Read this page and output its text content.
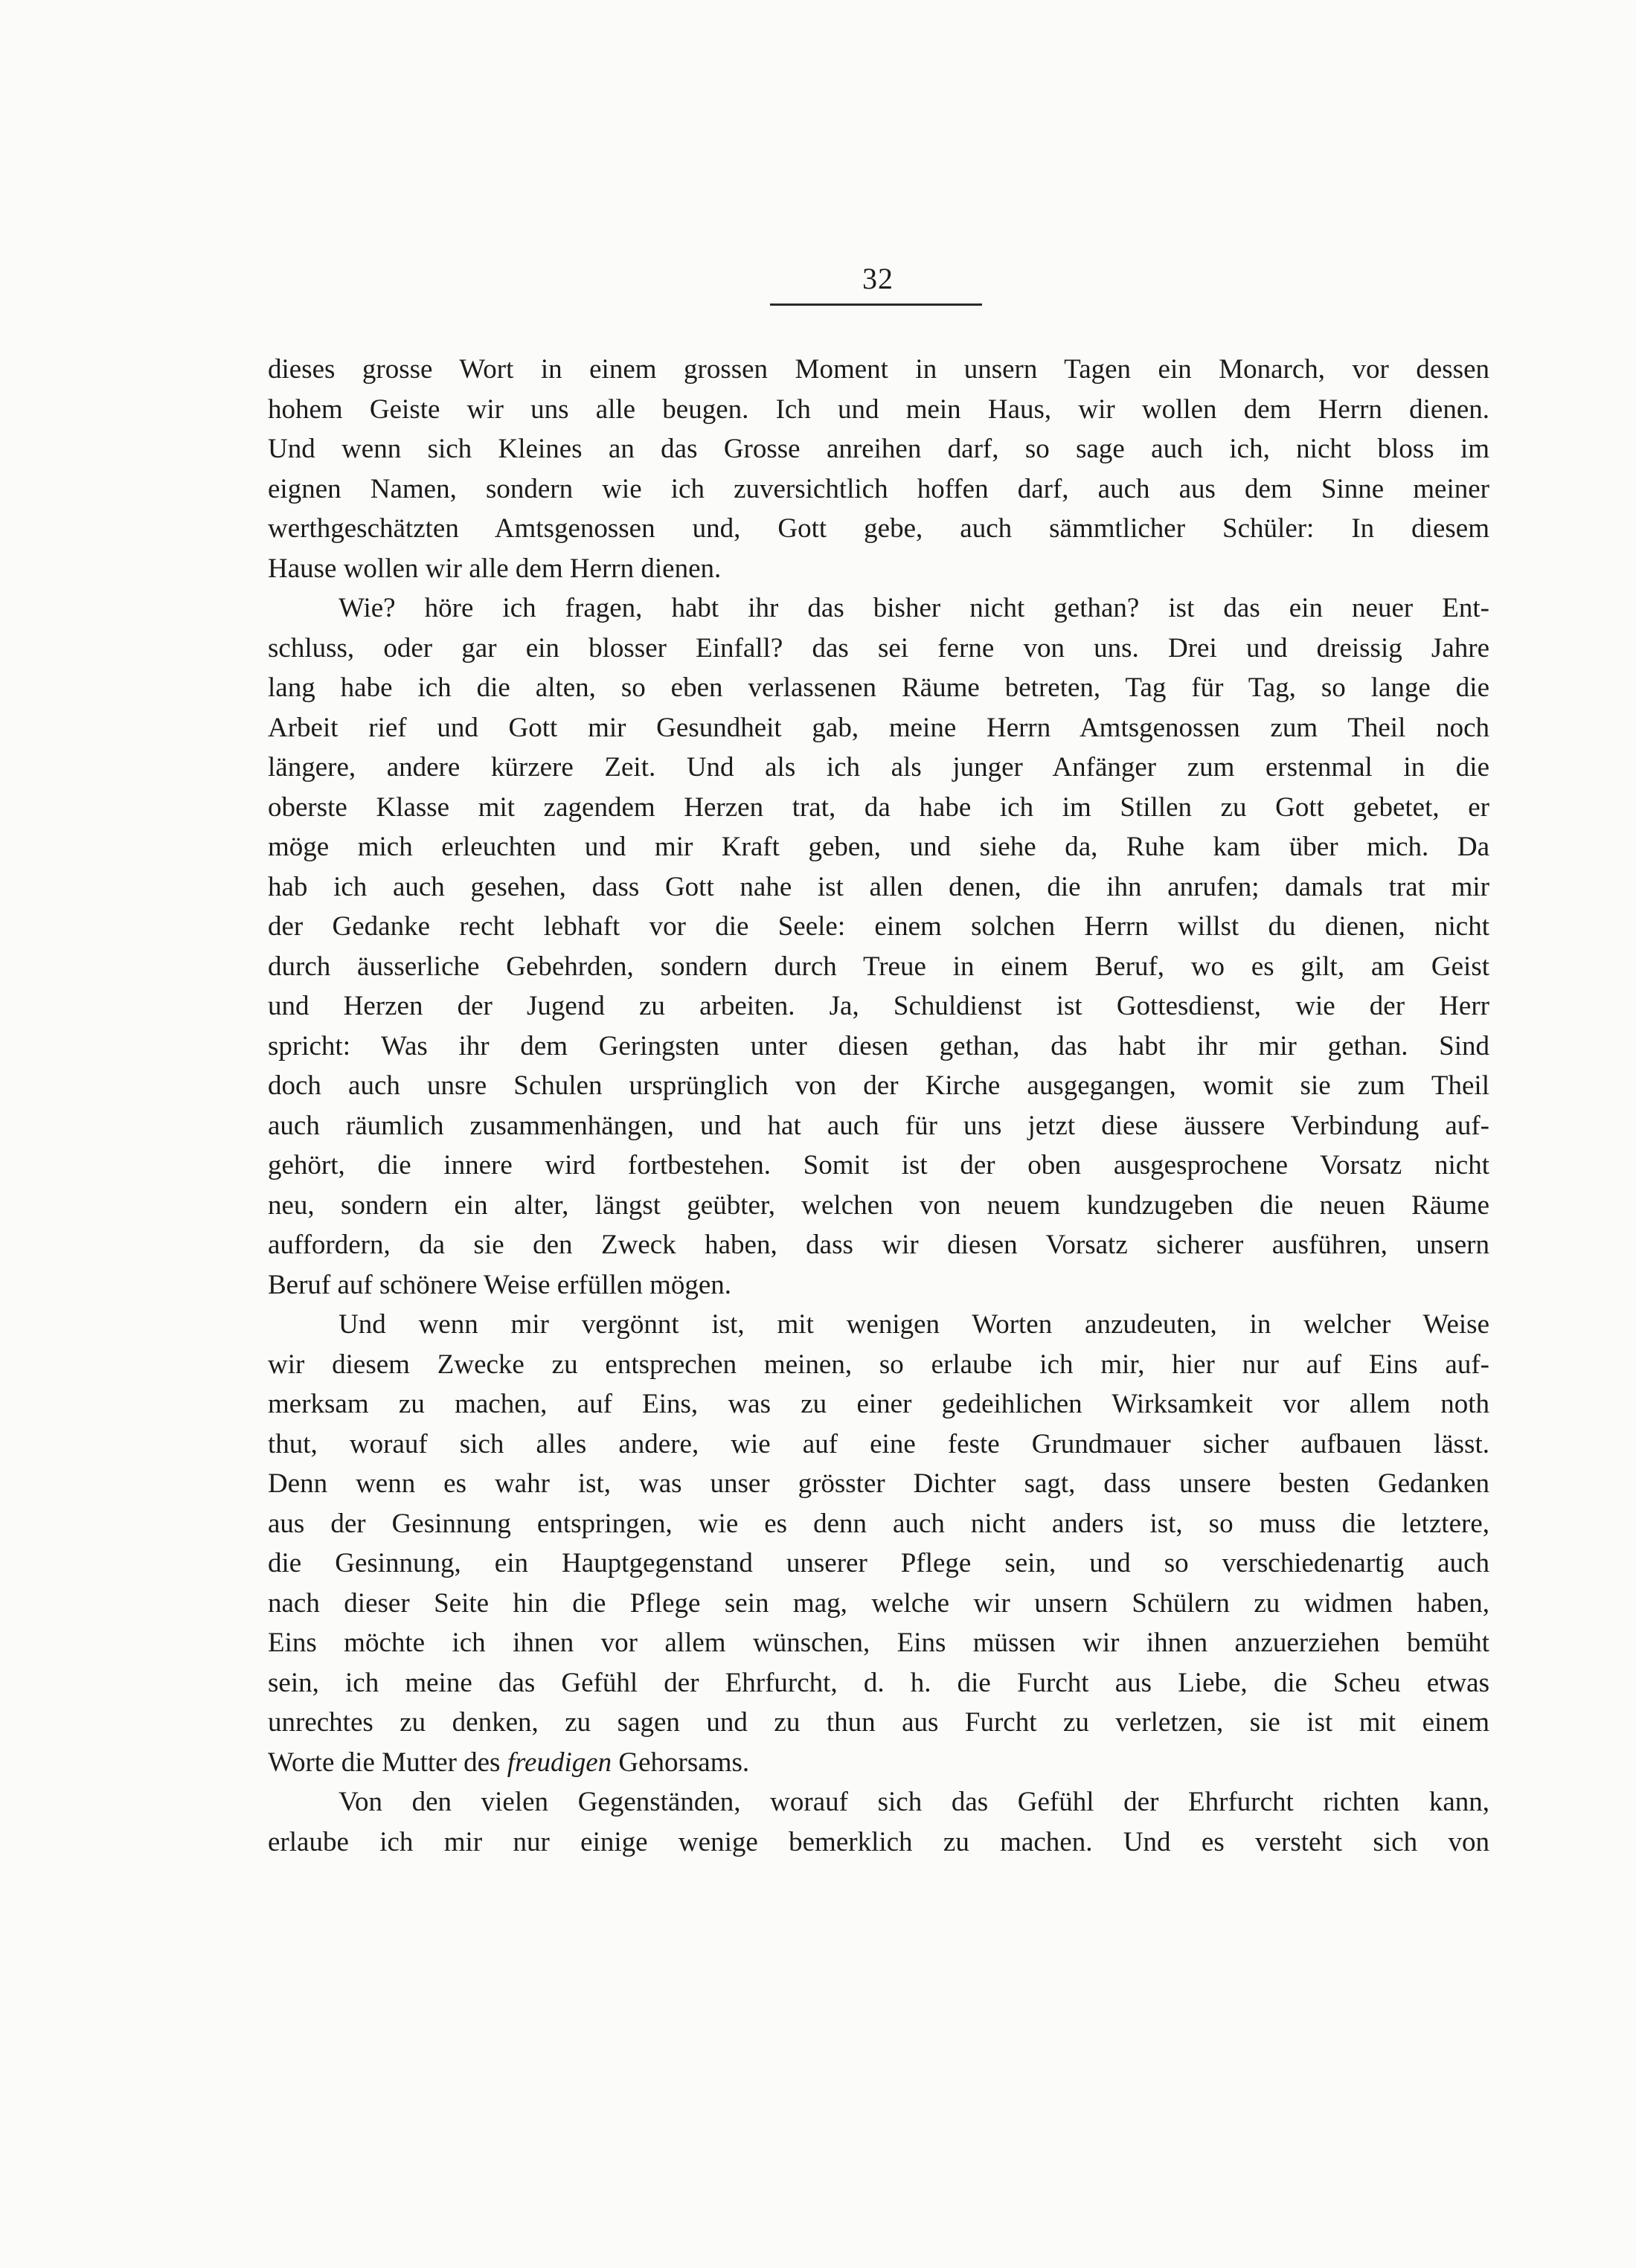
32
dieses grosse Wort in einem grossen Moment in unsern Tagen ein Monarch, vor dessen
hohem Geiste wir uns alle beugen. Ich und mein Haus, wir wollen dem Herrn dienen.
Und wenn sich Kleines an das Grosse anreihen darf, so sage auch ich, nicht bloss im
eignen Namen, sondern wie ich zuversichtlich hoffen darf, auch aus dem Sinne meiner
werthgeschätzten Amtsgenossen und, Gott gebe, auch sämmtlicher Schüler: In diesem
Hause wollen wir alle dem Herrn dienen.
Wie? höre ich fragen, habt ihr das bisher nicht gethan? ist das ein neuer Ent-
schluss, oder gar ein blosser Einfall? das sei ferne von uns. Drei und dreissig Jahre
lang habe ich die alten, so eben verlassenen Räume betreten, Tag für Tag, so lange die
Arbeit rief und Gott mir Gesundheit gab, meine Herrn Amtsgenossen zum Theil noch
längere, andere kürzere Zeit. Und als ich als junger Anfänger zum erstenmal in die
oberste Klasse mit zagendem Herzen trat, da habe ich im Stillen zu Gott gebetet, er
möge mich erleuchten und mir Kraft geben, und siehe da, Ruhe kam über mich. Da
hab ich auch gesehen, dass Gott nahe ist allen denen, die ihn anrufen; damals trat mir
der Gedanke recht lebhaft vor die Seele: einem solchen Herrn willst du dienen, nicht
durch äusserliche Gebehrden, sondern durch Treue in einem Beruf, wo es gilt, am Geist
und Herzen der Jugend zu arbeiten. Ja, Schuldienst ist Gottesdienst, wie der Herr
spricht: Was ihr dem Geringsten unter diesen gethan, das habt ihr mir gethan. Sind
doch auch unsre Schulen ursprünglich von der Kirche ausgegangen, womit sie zum Theil
auch räumlich zusammenhängen, und hat auch für uns jetzt diese äussere Verbindung auf-
gehört, die innere wird fortbestehen. Somit ist der oben ausgesprochene Vorsatz nicht
neu, sondern ein alter, längst geübter, welchen von neuem kundzugeben die neuen Räume
auffordern, da sie den Zweck haben, dass wir diesen Vorsatz sicherer ausführen, unsern
Beruf auf schönere Weise erfüllen mögen.
Und wenn mir vergönnt ist, mit wenigen Worten anzudeuten, in welcher Weise
wir diesem Zwecke zu entsprechen meinen, so erlaube ich mir, hier nur auf Eins auf-
merksam zu machen, auf Eins, was zu einer gedeihlichen Wirksamkeit vor allem noth
thut, worauf sich alles andere, wie auf eine feste Grundmauer sicher aufbauen lässt.
Denn wenn es wahr ist, was unser grösster Dichter sagt, dass unsere besten Gedanken
aus der Gesinnung entspringen, wie es denn auch nicht anders ist, so muss die letztere,
die Gesinnung, ein Hauptgegenstand unserer Pflege sein, und so verschiedenartig auch
nach dieser Seite hin die Pflege sein mag, welche wir unsern Schülern zu widmen haben,
Eins möchte ich ihnen vor allem wünschen, Eins müssen wir ihnen anzuerziehen bemüht
sein, ich meine das Gefühl der Ehrfurcht, d. h. die Furcht aus Liebe, die Scheu etwas
unrechtes zu denken, zu sagen und zu thun aus Furcht zu verletzen, sie ist mit einem
Worte die Mutter des freudigen Gehorsams.
Von den vielen Gegenständen, worauf sich das Gefühl der Ehrfurcht richten kann,
erlaube ich mir nur einige wenige bemerklich zu machen. Und es versteht sich von
